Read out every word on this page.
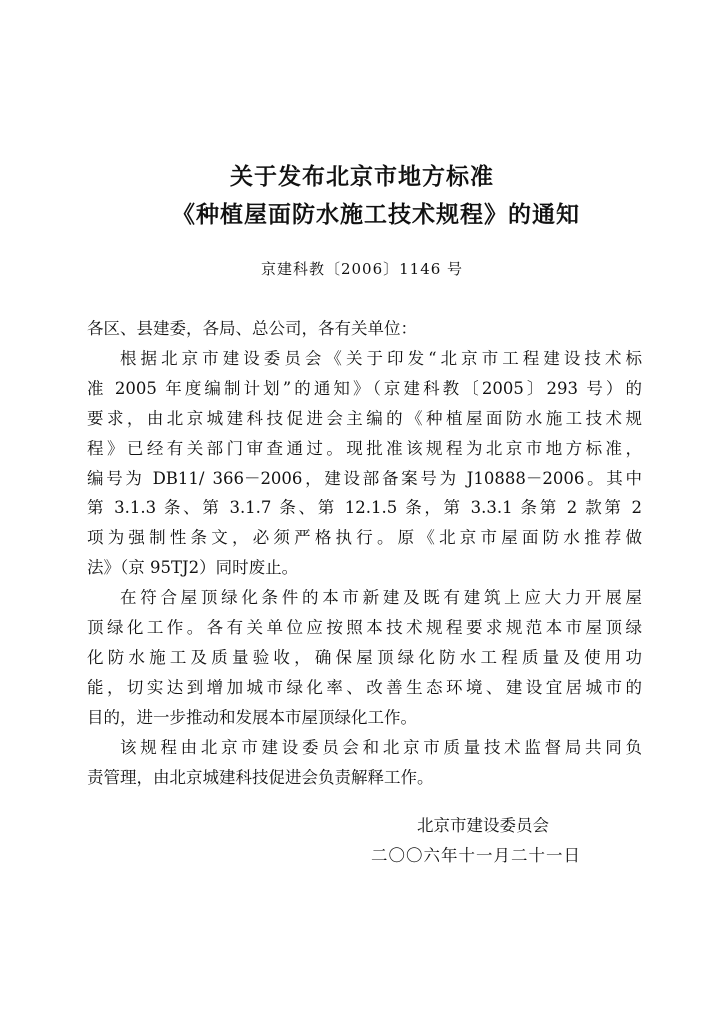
关于发布北京市地方标准
《种植屋面防水施工技术规程》的通知
京建科教〔2006〕1146 号
各区、县建委，各局、总公司，各有关单位：
根据北京市建设委员会《关于印发“北京市工程建设技术标
准 2005 年度编制计划”的通知》（京建科教〔2005〕293 号）的
要求，由北京城建科技促进会主编的《种植屋面防水施工技术规
程》已经有关部门审查通过。现批准该规程为北京市地方标准，
编号为 DB11/ 366－2006，建设部备案号为 J10888－2006。其中
第 3.1.3 条、第 3.1.7 条、第 12.1.5 条，第 3.3.1 条第 2 款第 2
项为强制性条文，必须严格执行。原《北京市屋面防水推荐做
法》（京 95TJ2）同时废止。
在符合屋顶绿化条件的本市新建及既有建筑上应大力开展屋
顶绿化工作。各有关单位应按照本技术规程要求规范本市屋顶绿
化防水施工及质量验收，确保屋顶绿化防水工程质量及使用功
能，切实达到增加城市绿化率、改善生态环境、建设宜居城市的
目的，进一步推动和发展本市屋顶绿化工作。
该规程由北京市建设委员会和北京市质量技术监督局共同负
责管理，由北京城建科技促进会负责解释工作。
北京市建设委员会
二〇〇六年十一月二十一日
